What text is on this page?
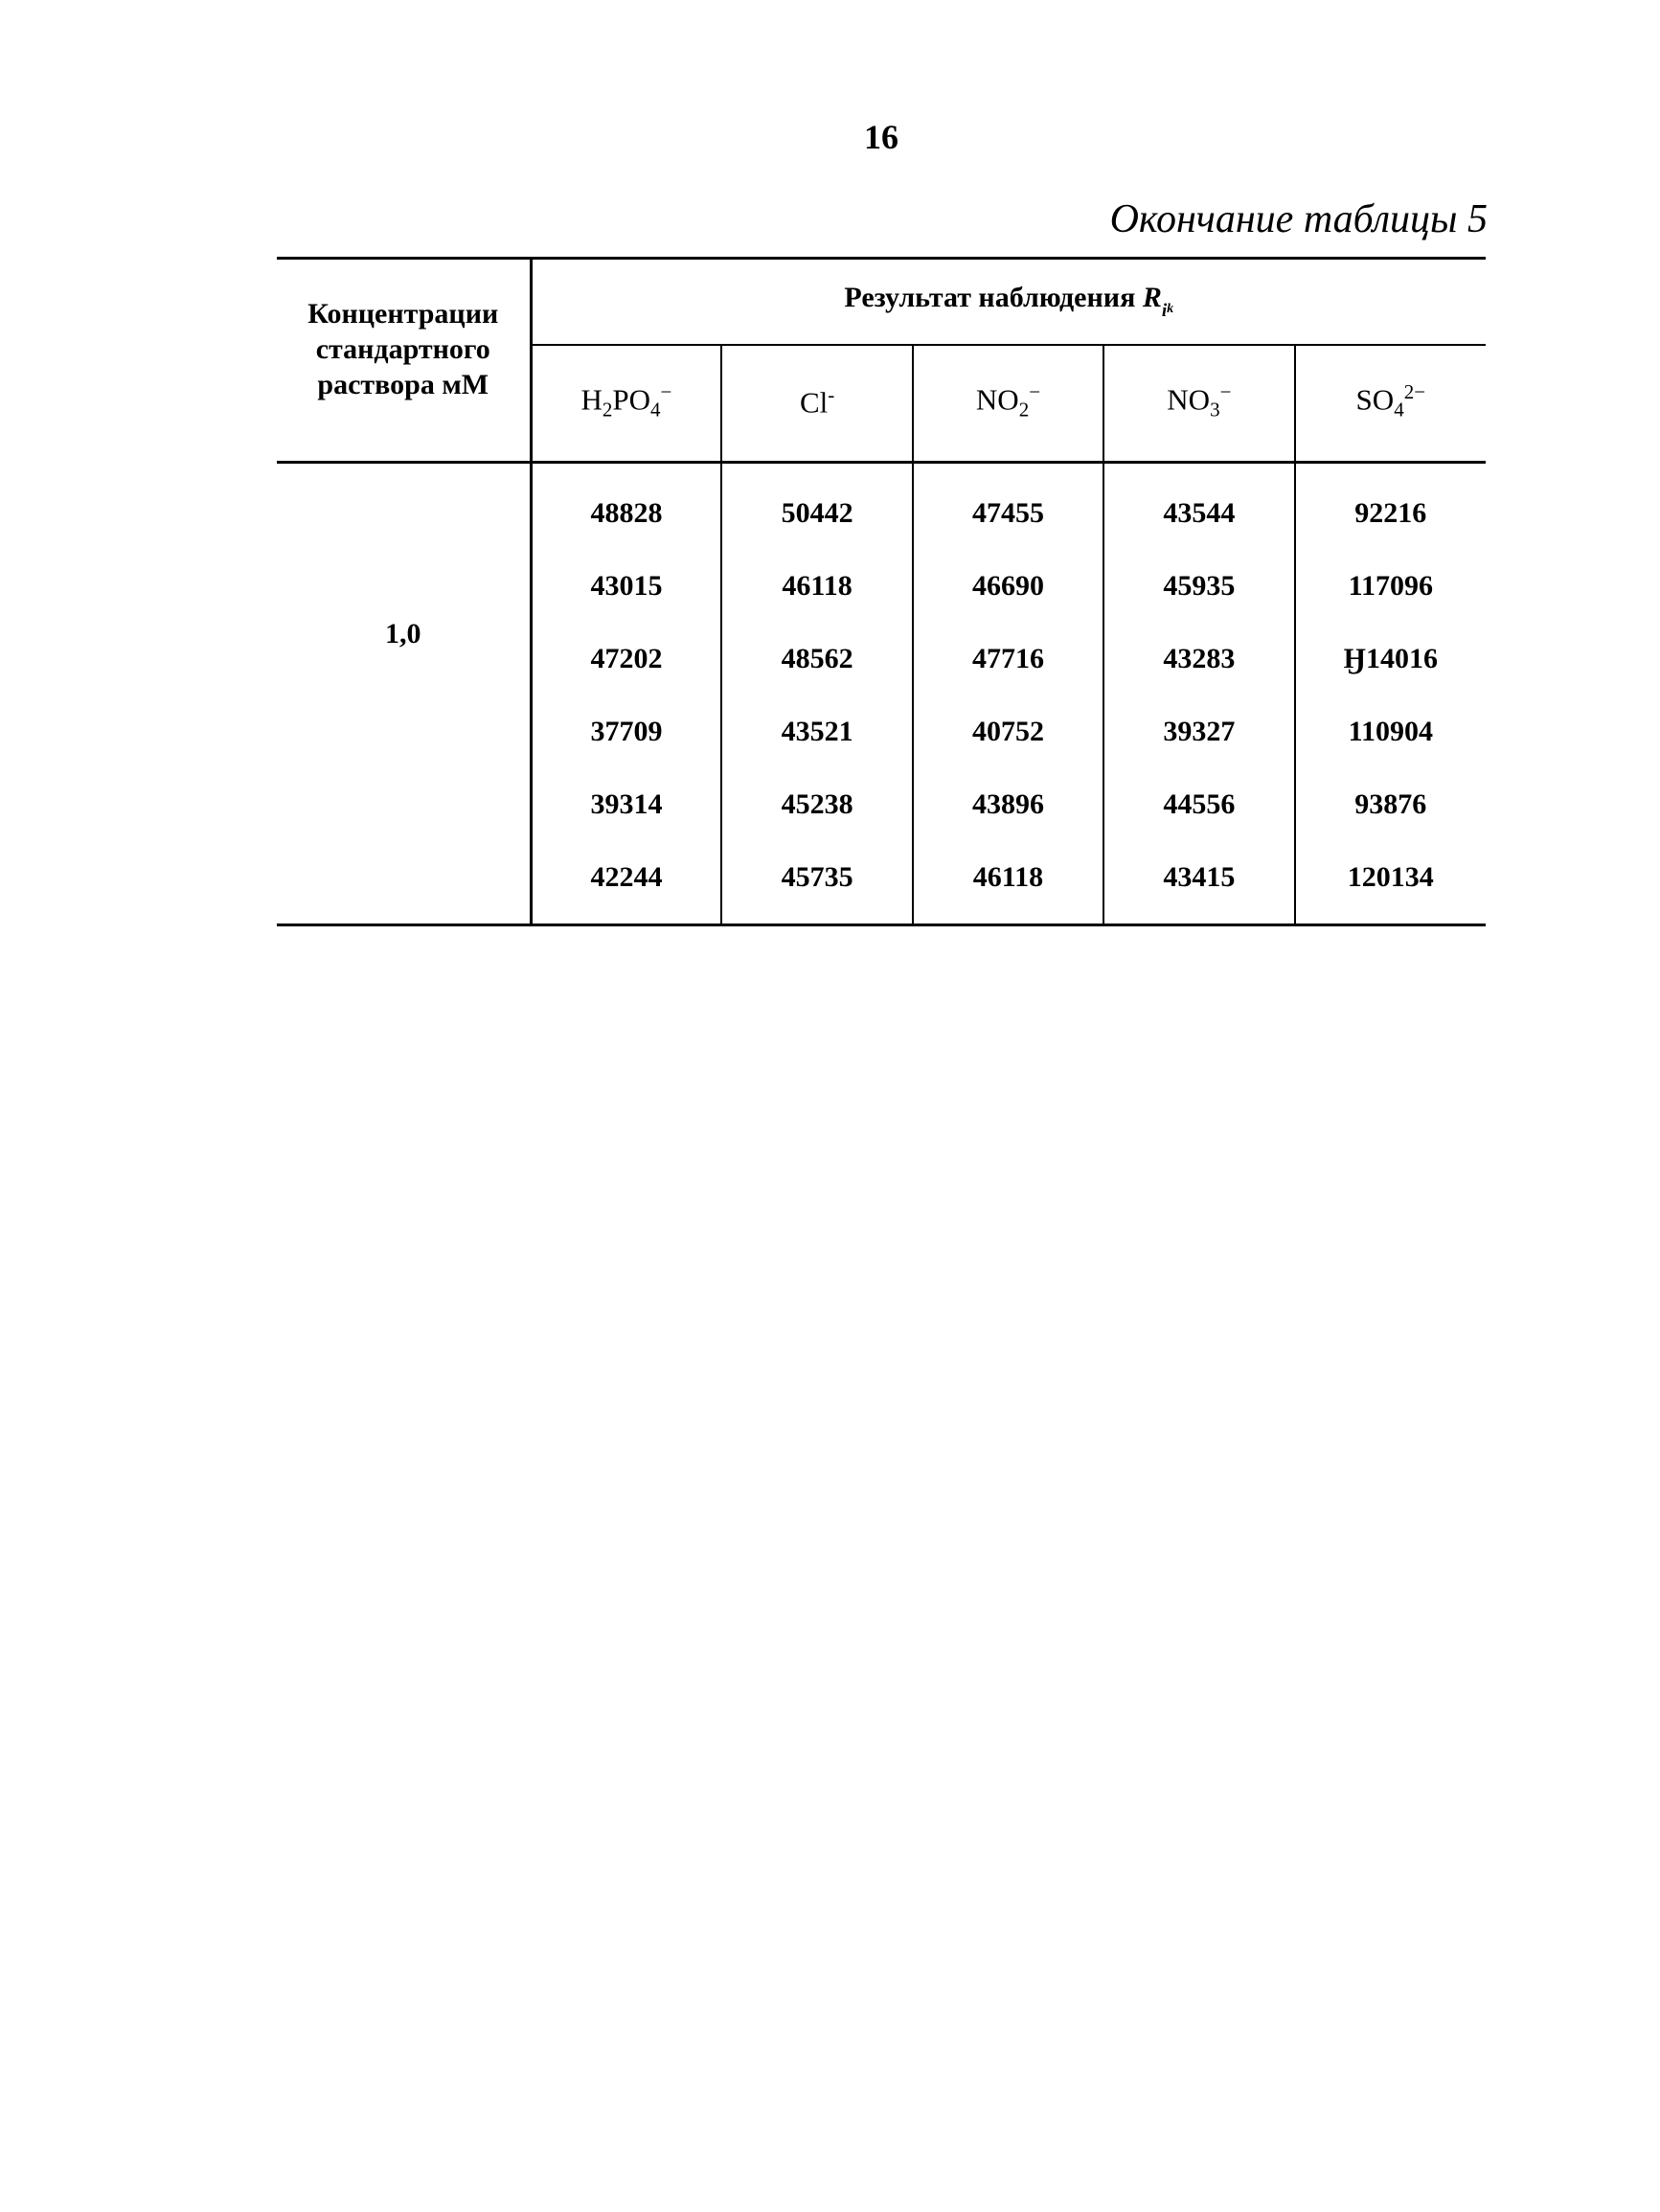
16
Окончание таблицы 5
Концентрации
стандартного
раствора мМ	Результат наблюдения $R_{ik}$
	$H_2PO_4^-$	Cl-	$NO_2^-$	$NO_3^-$	$SO_4^{2-}$
1,0	48828	50442	47455	43544	92216
	43015	46118	46690	45935	117096
	47202	48562	47716	43283	Ӈ14016
	37709	43521	40752	39327	110904
	39314	45238	43896	44556	93876
	42244	45735	46118	43415	120134
